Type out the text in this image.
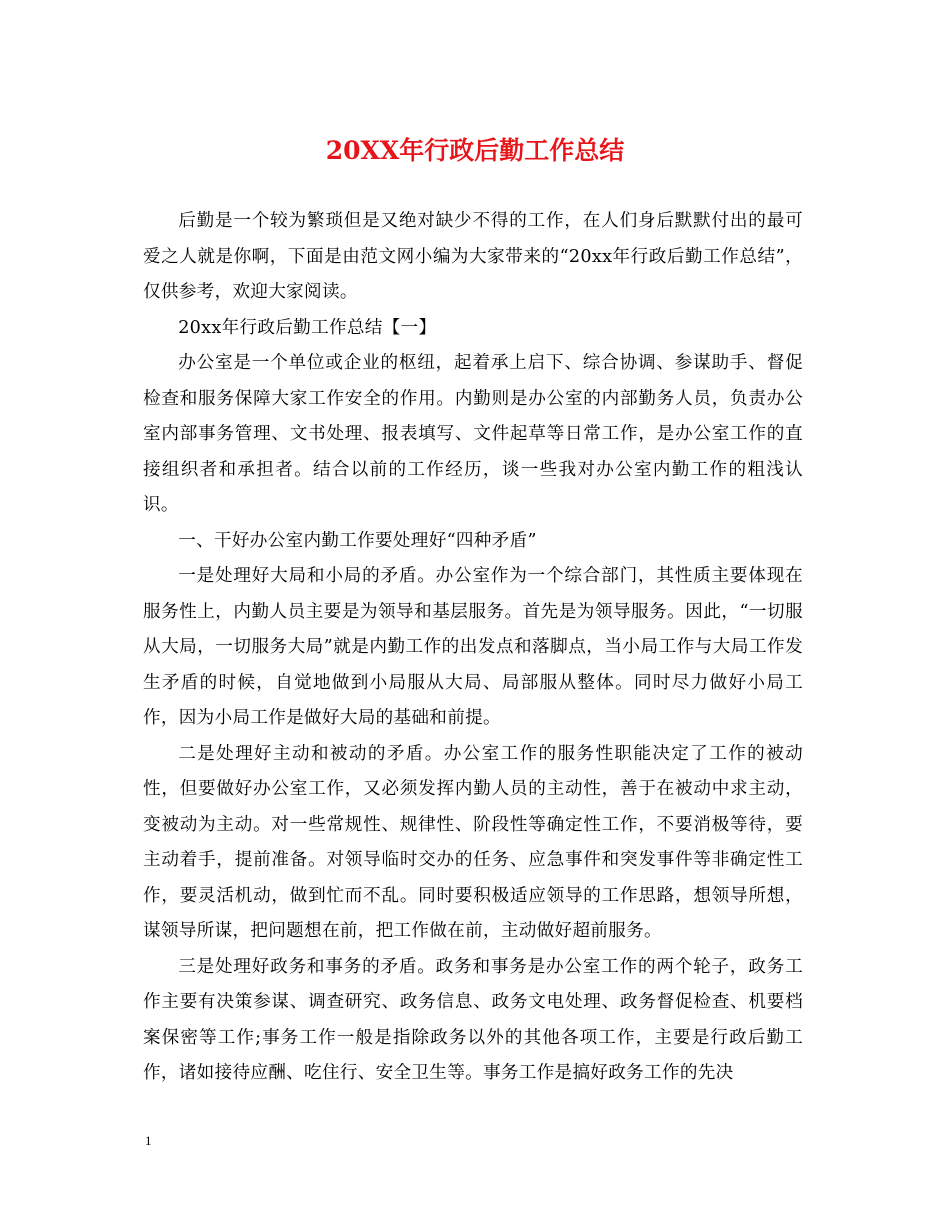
20XX年行政后勤工作总结

后勤是一个较为繁琐但是又绝对缺少不得的工作，在人们身后默默付出的最可爱之人就是你啊，下面是由范文网小编为大家带来的“20xx年行政后勤工作总结”，仅供参考，欢迎大家阅读。

20xx年行政后勤工作总结【一】

办公室是一个单位或企业的枢纽，起着承上启下、综合协调、参谋助手、督促检查和服务保障大家工作安全的作用。内勤则是办公室的内部勤务人员，负责办公室内部事务管理、文书处理、报表填写、文件起草等日常工作，是办公室工作的直接组织者和承担者。结合以前的工作经历，谈一些我对办公室内勤工作的粗浅认识。

一、干好办公室内勤工作要处理好“四种矛盾”

一是处理好大局和小局的矛盾。办公室作为一个综合部门，其性质主要体现在服务性上，内勤人员主要是为领导和基层服务。首先是为领导服务。因此，“一切服从大局，一切服务大局”就是内勤工作的出发点和落脚点，当小局工作与大局工作发生矛盾的时候，自觉地做到小局服从大局、局部服从整体。同时尽力做好小局工作，因为小局工作是做好大局的基础和前提。

二是处理好主动和被动的矛盾。办公室工作的服务性职能决定了工作的被动性，但要做好办公室工作，又必须发挥内勤人员的主动性，善于在被动中求主动，变被动为主动。对一些常规性、规律性、阶段性等确定性工作，不要消极等待，要主动着手，提前准备。对领导临时交办的任务、应急事件和突发事件等非确定性工作，要灵活机动，做到忙而不乱。同时要积极适应领导的工作思路，想领导所想，谋领导所谋，把问题想在前，把工作做在前，主动做好超前服务。

三是处理好政务和事务的矛盾。政务和事务是办公室工作的两个轮子，政务工作主要有决策参谋、调查研究、政务信息、政务文电处理、政务督促检查、机要档案保密等工作;事务工作一般是指除政务以外的其他各项工作，主要是行政后勤工作，诸如接待应酬、吃住行、安全卫生等。事务工作是搞好政务工作的先决

1
